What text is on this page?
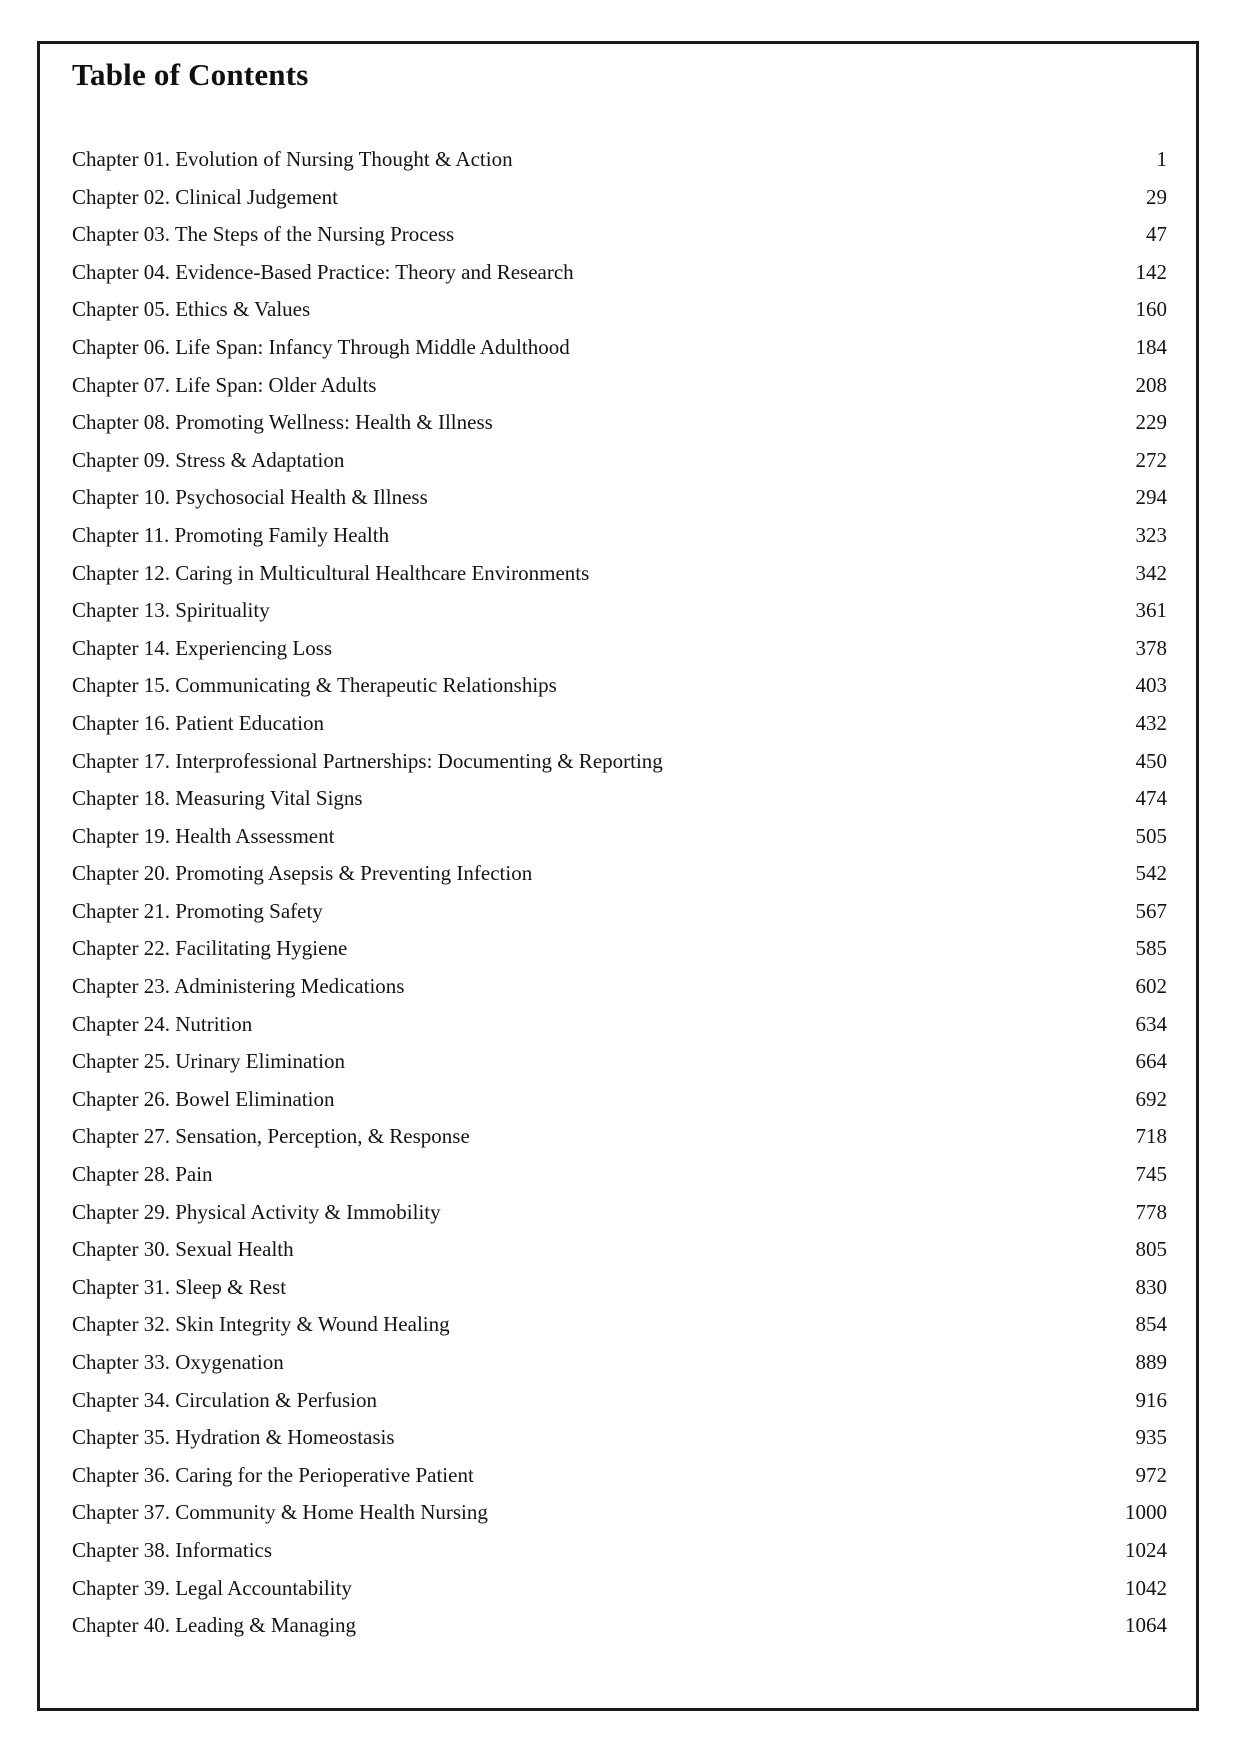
Table of Contents
Chapter 01. Evolution of Nursing Thought & Action	1
Chapter 02. Clinical Judgement	29
Chapter 03. The Steps of the Nursing Process	47
Chapter 04. Evidence-Based Practice: Theory and Research	142
Chapter 05. Ethics & Values	160
Chapter 06. Life Span: Infancy Through Middle Adulthood	184
Chapter 07. Life Span: Older Adults	208
Chapter 08. Promoting Wellness: Health & Illness	229
Chapter 09. Stress & Adaptation	272
Chapter 10. Psychosocial Health & Illness	294
Chapter 11. Promoting Family Health	323
Chapter 12. Caring in Multicultural Healthcare Environments	342
Chapter 13. Spirituality	361
Chapter 14. Experiencing Loss	378
Chapter 15. Communicating & Therapeutic Relationships	403
Chapter 16. Patient Education	432
Chapter 17. Interprofessional Partnerships: Documenting & Reporting	450
Chapter 18. Measuring Vital Signs	474
Chapter 19. Health Assessment	505
Chapter 20. Promoting Asepsis & Preventing Infection	542
Chapter 21. Promoting Safety	567
Chapter 22. Facilitating Hygiene	585
Chapter 23. Administering Medications	602
Chapter 24. Nutrition	634
Chapter 25. Urinary Elimination	664
Chapter 26. Bowel Elimination	692
Chapter 27. Sensation, Perception, & Response	718
Chapter 28. Pain	745
Chapter 29. Physical Activity & Immobility	778
Chapter 30. Sexual Health	805
Chapter 31. Sleep & Rest	830
Chapter 32. Skin Integrity & Wound Healing	854
Chapter 33. Oxygenation	889
Chapter 34. Circulation & Perfusion	916
Chapter 35. Hydration & Homeostasis	935
Chapter 36. Caring for the Perioperative Patient	972
Chapter 37. Community & Home Health Nursing	1000
Chapter 38. Informatics	1024
Chapter 39. Legal Accountability	1042
Chapter 40. Leading & Managing	1064
